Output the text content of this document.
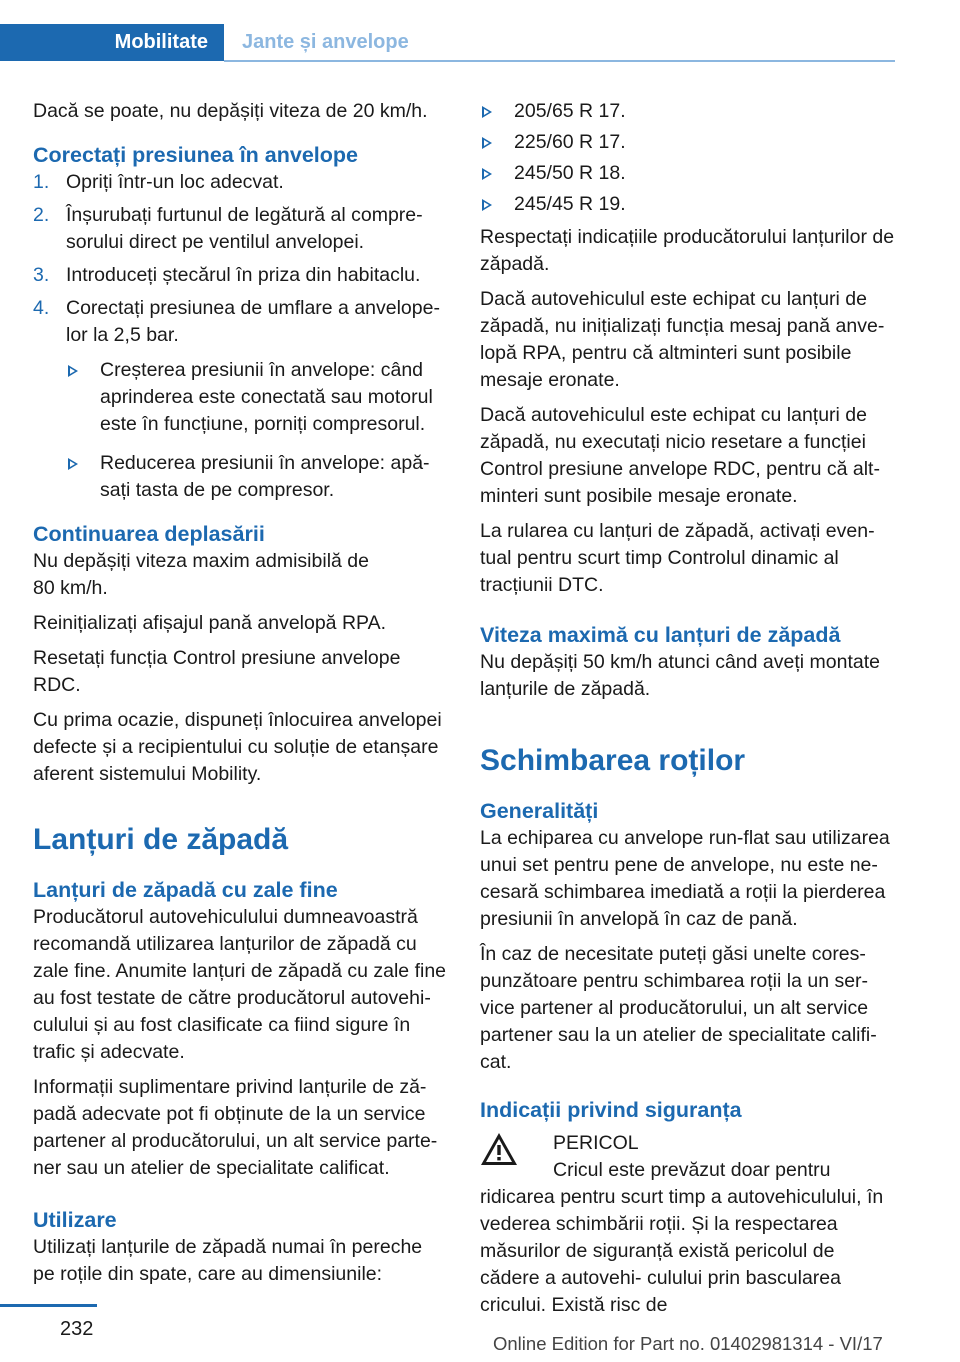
Mobilitate	Jante și anvelope

Dacă se poate, nu depășiți viteza de 20 km/h.

Corectați presiunea în anvelope
1. Opriți într-un loc adecvat.
2. Înșurubați furtunul de legătură al compre‐ sorului direct pe ventilul anvelopei.
3. Introduceți ștecărul în priza din habitaclu.
4. Corectați presiunea de umflare a anvelope‐ lor la 2,5 bar.
Creșterea presiunii în anvelope: când aprinderea este conectată sau motorul este în funcțiune, porniți compresorul.
Reducerea presiunii în anvelope: apă‐ sați tasta de pe compresor.
Continuarea deplasării

Nu depășiți viteza maxim admisibilă de 80 km/h.

Reinițializați afișajul pană anvelopă RPA.

Resetați funcția Control presiune anvelope RDC.

Cu prima ocazie, dispuneți înlocuirea anvelopei defecte și a recipientului cu soluție de etanșare aferent sistemului Mobility.

Lanțuri de zăpadă
Lanțuri de zăpadă cu zale fine

Producătorul autovehiculului dumneavoastră recomandă utilizarea lanțurilor de zăpadă cu zale fine. Anumite lanțuri de zăpadă cu zale fine au fost testate de către producătorul autovehi‐ culului și au fost clasificate ca fiind sigure în trafic și adecvate.

Informații suplimentare privind lanțurile de ză‐ padă adecvate pot fi obținute de la un service partener al producătorului, un alt service parte‐ ner sau un atelier de specialitate calificat.

Utilizare

Utilizați lanțurile de zăpadă numai în pereche pe roțile din spate, care au dimensiunile:

205/65 R 17.
225/60 R 17.
245/50 R 18.
245/45 R 19.

Respectați indicațiile producătorului lanțurilor de zăpadă.

Dacă autovehiculul este echipat cu lanțuri de zăpadă, nu inițializați funcția mesaj pană anve‐ lopă RPA, pentru că altminteri sunt posibile mesaje eronate.

Dacă autovehiculul este echipat cu lanțuri de zăpadă, nu executați nicio resetare a funcției Control presiune anvelope RDC, pentru că alt‐ minteri sunt posibile mesaje eronate.

La rularea cu lanțuri de zăpadă, activați even‐ tual pentru scurt timp Controlul dinamic al tracțiunii DTC.

Viteza maximă cu lanțuri de zăpadă

Nu depășiți 50 km/h atunci când aveți montate lanțurile de zăpadă.

Schimbarea roților
Generalități

La echiparea cu anvelope run-flat sau utilizarea unui set pentru pene de anvelope, nu este ne‐ cesară schimbarea imediată a roții la pierderea presiunii în anvelopă în caz de pană.

În caz de necesitate puteți găsi unelte cores‐ punzătoare pentru schimbarea roții la un ser‐ vice partener al producătorului, un alt service partener sau la un atelier de specialitate califi‐ cat.

Indicații privind siguranța

PERICOL

Cricul este prevăzut doar pentru ridicarea pentru scurt timp a autovehiculului, în vederea schimbării roții. Și la respectarea măsurilor de siguranță există pericolul de cădere a autovehi‐ culului prin bascularea cricului. Există risc de

232
Online Edition for Part no. 01402981314 - VI/17
